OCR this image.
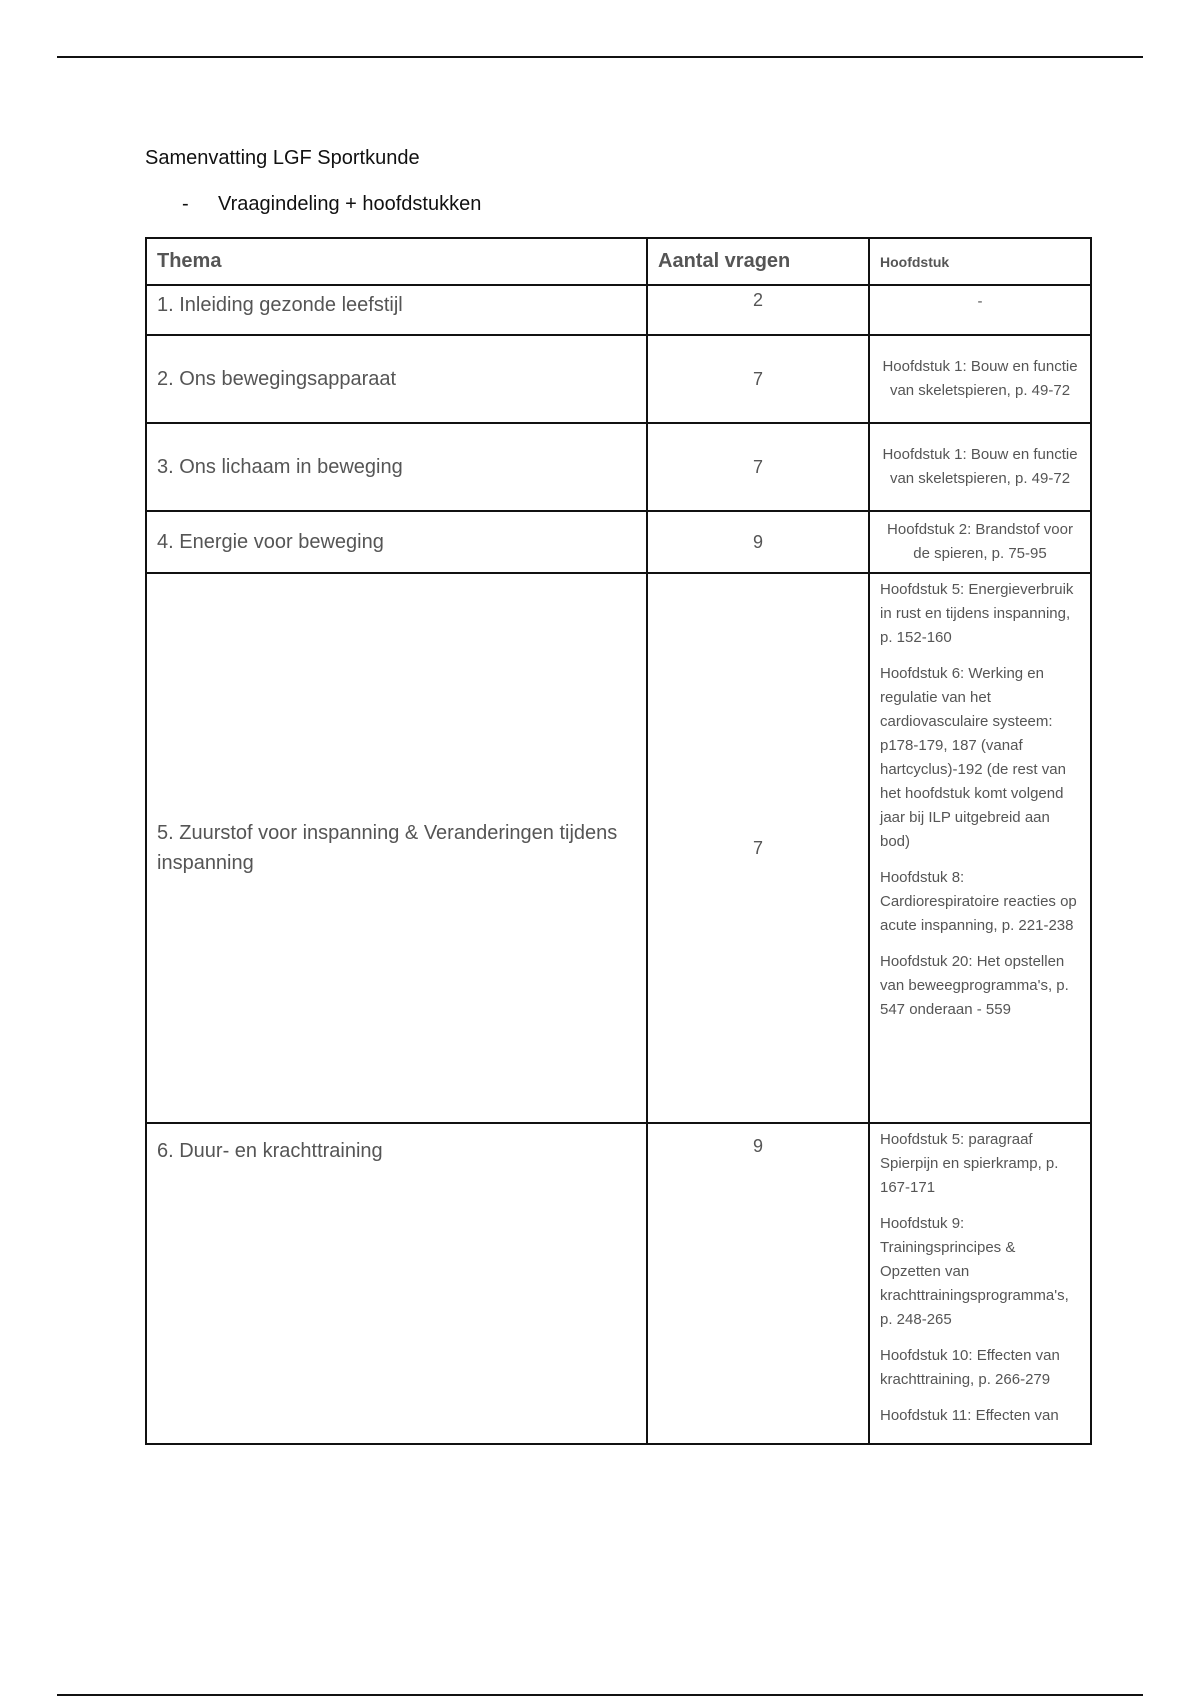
Samenvatting LGF Sportkunde
- Vraagindeling + hoofdstukken
Thema	Aantal vragen	Hoofdstuk
1. Inleiding gezonde leefstijl	2	-
2. Ons bewegingsapparaat	7	Hoofdstuk 1: Bouw en functie van skeletspieren, p. 49-72
3. Ons lichaam in beweging	7	Hoofdstuk 1: Bouw en functie van skeletspieren, p. 49-72
4. Energie voor beweging	9	Hoofdstuk 2: Brandstof voor de spieren, p. 75-95
5. Zuurstof voor inspanning & Veranderingen tijdens inspanning	7	Hoofdstuk 5: Energieverbruik in rust en tijdens inspanning, p. 152-160

Hoofdstuk 6: Werking en regulatie van het cardiovasculaire systeem: p178-179, 187 (vanaf hartcyclus)-192 (de rest van het hoofdstuk komt volgend jaar bij ILP uitgebreid aan bod)

Hoofdstuk 8: Cardiorespiratoire reacties op acute inspanning, p. 221-238

Hoofdstuk 20: Het opstellen van beweegprogramma's, p. 547 onderaan - 559

6. Duur- en krachttraining	9	Hoofdstuk 5: paragraaf Spierpijn en spierkramp, p. 167-171

Hoofdstuk 9: Trainingsprincipes & Opzetten van krachttrainingsprogramma's, p. 248-265

Hoofdstuk 10: Effecten van krachttraining, p. 266-279

Hoofdstuk 11: Effecten van
